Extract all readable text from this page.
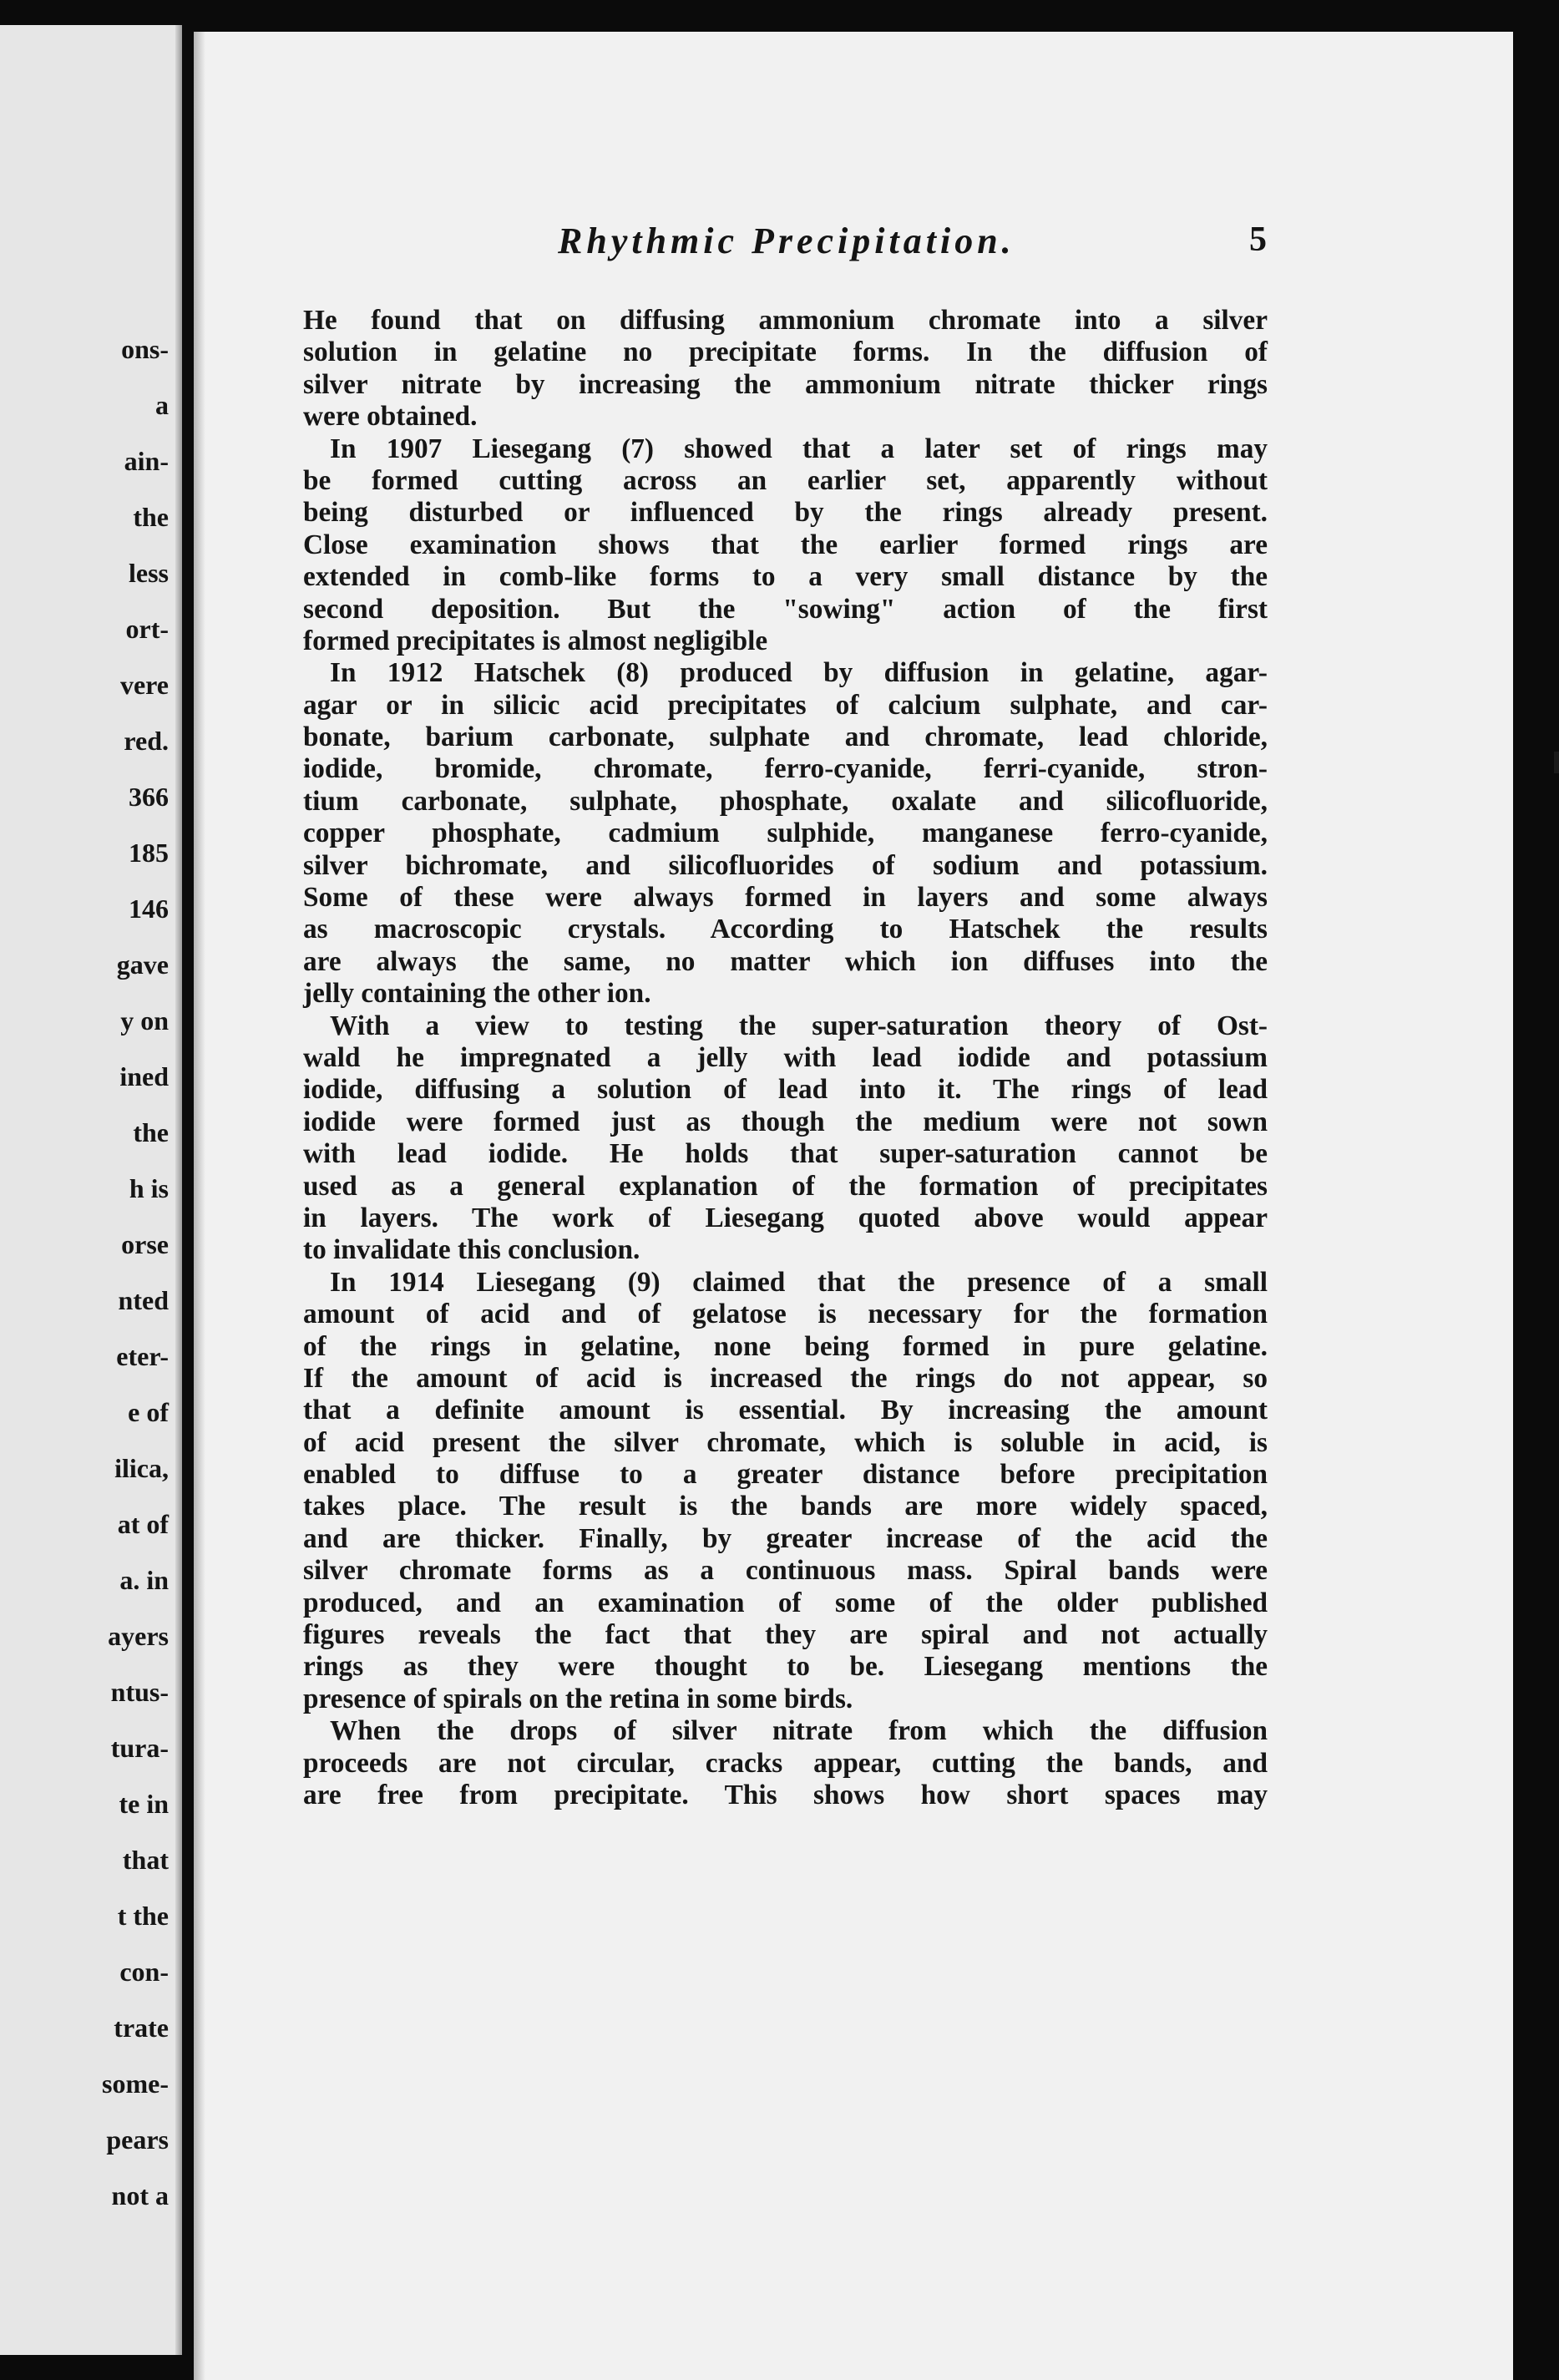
ons-
a
ain-
the
less
ort-
vere
red.
366
185
146
gave
y on
ined
the
h is
orse
nted
eter-
e of
ilica,
at of
a. in
ayers
ntus-
tura-
te in
that
t the
con-
trate
some-
pears
not a
Rhythmic Precipitation.	5
He found that on diffusing ammonium chromate into a silver
solution in gelatine no precipitate forms. In the diffusion of
silver nitrate by increasing the ammonium nitrate thicker rings
were obtained.
In 1907 Liesegang (7) showed that a later set of rings may
be formed cutting across an earlier set, apparently without
being disturbed or influenced by the rings already present.
Close examination shows that the earlier formed rings are
extended in comb-like forms to a very small distance by the
second deposition. But the "sowing" action of the first
formed precipitates is almost negligible
In 1912 Hatschek (8) produced by diffusion in gelatine, agar-
agar or in silicic acid precipitates of calcium sulphate, and car-
bonate, barium carbonate, sulphate and chromate, lead chloride,
iodide, bromide, chromate, ferro-cyanide, ferri-cyanide, stron-
tium carbonate, sulphate, phosphate, oxalate and silicofluoride,
copper phosphate, cadmium sulphide, manganese ferro-cyanide,
silver bichromate, and silicofluorides of sodium and potassium.
Some of these were always formed in layers and some always
as macroscopic crystals. According to Hatschek the results
are always the same, no matter which ion diffuses into the
jelly containing the other ion.
With a view to testing the super-saturation theory of Ost-
wald he impregnated a jelly with lead iodide and potassium
iodide, diffusing a solution of lead into it. The rings of lead
iodide were formed just as though the medium were not sown
with lead iodide. He holds that super-saturation cannot be
used as a general explanation of the formation of precipitates
in layers. The work of Liesegang quoted above would appear
to invalidate this conclusion.
In 1914 Liesegang (9) claimed that the presence of a small
amount of acid and of gelatose is necessary for the formation
of the rings in gelatine, none being formed in pure gelatine.
If the amount of acid is increased the rings do not appear, so
that a definite amount is essential. By increasing the amount
of acid present the silver chromate, which is soluble in acid, is
enabled to diffuse to a greater distance before precipitation
takes place. The result is the bands are more widely spaced,
and are thicker. Finally, by greater increase of the acid the
silver chromate forms as a continuous mass. Spiral bands were
produced, and an examination of some of the older published
figures reveals the fact that they are spiral and not actually
rings as they were thought to be. Liesegang mentions the
presence of spirals on the retina in some birds.
When the drops of silver nitrate from which the diffusion
proceeds are not circular, cracks appear, cutting the bands, and
are free from precipitate. This shows how short spaces may
